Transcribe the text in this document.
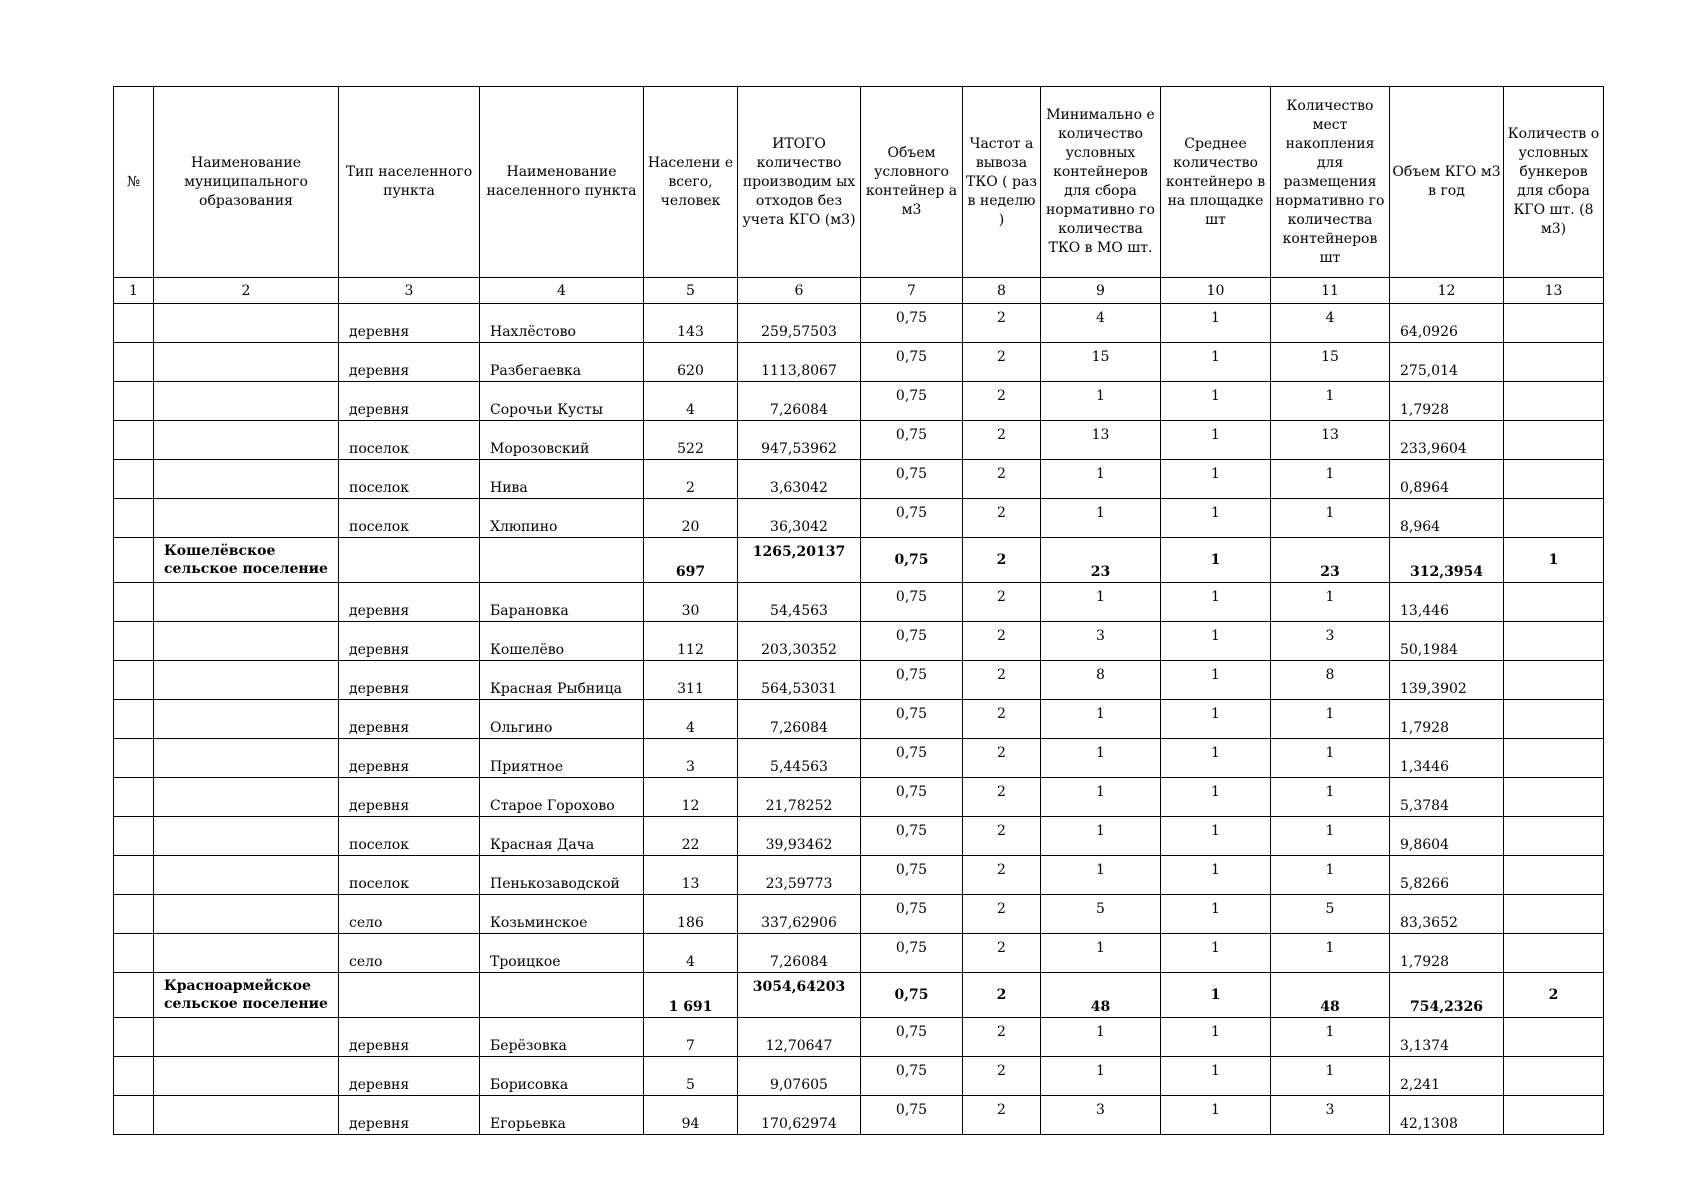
№	Наименование муниципального образования	Тип населенного пункта	Наименование населенного пункта	Населени е всего, человек	ИТОГО количество производим ых отходов без учета КГО (м3)	Объем условного контейнер а м3	Частот а вывоза ТКО ( раз в неделю )	Минимально е количество условных контейнеров для сбора нормативно го количества ТКО в МО шт.	Среднее количество контейнеро в на площадке шт	Количество мест накопления для размещения нормативно го количества контейнеров шт	Объем КГО м3 в год	Количеств о условных бункеров для сбора КГО шт. (8 м3)
1	2	3	4	5	6	7	8	9	10	11	12	13
		деревня	Нахлёстово	143	259,57503	0,75	2	4	1	4	64,0926	
		деревня	Разбегаевка	620	1113,8067	0,75	2	15	1	15	275,014	
		деревня	Сорочьи Кусты	4	7,26084	0,75	2	1	1	1	1,7928	
		поселок	Морозовский	522	947,53962	0,75	2	13	1	13	233,9604	
		поселок	Нива	2	3,63042	0,75	2	1	1	1	0,8964	
		поселок	Хлюпино	20	36,3042	0,75	2	1	1	1	8,964	
	Кошелёвское сельское поселение			697	1265,20137	0,75	2	23	1	23	312,3954	1
		деревня	Барановка	30	54,4563	0,75	2	1	1	1	13,446	
		деревня	Кошелёво	112	203,30352	0,75	2	3	1	3	50,1984	
		деревня	Красная Рыбница	311	564,53031	0,75	2	8	1	8	139,3902	
		деревня	Ольгино	4	7,26084	0,75	2	1	1	1	1,7928	
		деревня	Приятное	3	5,44563	0,75	2	1	1	1	1,3446	
		деревня	Старое Горохово	12	21,78252	0,75	2	1	1	1	5,3784	
		поселок	Красная Дача	22	39,93462	0,75	2	1	1	1	9,8604	
		поселок	Пенькозаводской	13	23,59773	0,75	2	1	1	1	5,8266	
		село	Козьминское	186	337,62906	0,75	2	5	1	5	83,3652	
		село	Троицкое	4	7,26084	0,75	2	1	1	1	1,7928	
	Красноармейское сельское поселение			1 691	3054,64203	0,75	2	48	1	48	754,2326	2
		деревня	Берёзовка	7	12,70647	0,75	2	1	1	1	3,1374	
		деревня	Борисовка	5	9,07605	0,75	2	1	1	1	2,241	
		деревня	Егорьевка	94	170,62974	0,75	2	3	1	3	42,1308	
